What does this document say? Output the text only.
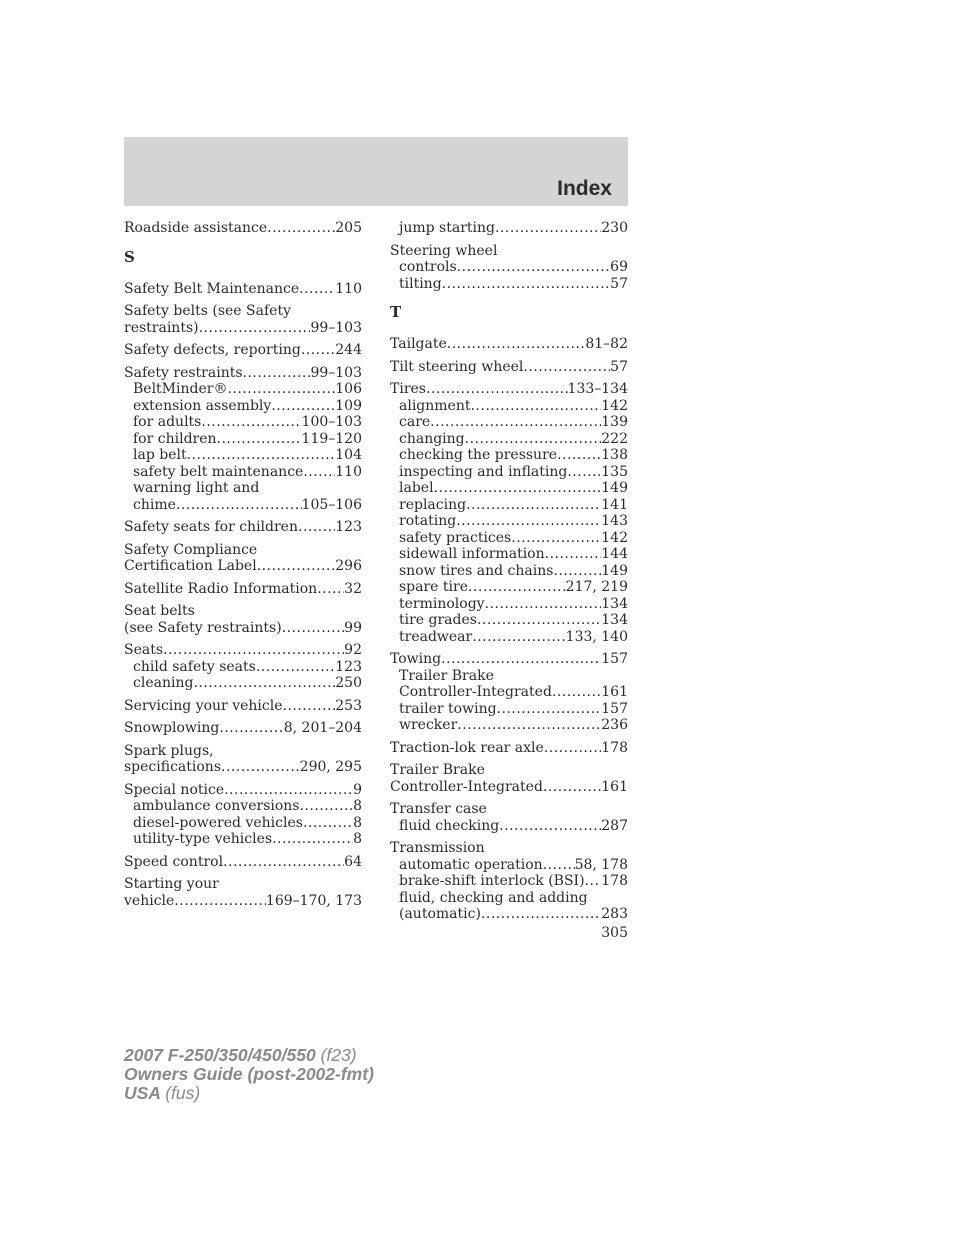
Index
Roadside assistance .....	205
S
Safety Belt Maintenance .....	110
Safety belts (see Safety
restraints) .....	99–103
Safety defects, reporting ..... 244
Safety restraints .....	99–103
BeltMinder® .....	106
extension assembly .....	109
for adults .....	100–103
for children .....	119–120
lap belt .....	104
safety belt maintenance ..... 110
warning light and
chime .....	105–106
Safety seats for children .....	123
Safety Compliance
Certification Label .....	296
Satellite Radio Information ..... 32
Seat belts
(see Safety restraints) .....	99
Seats .....	92
child safety seats .....	123
cleaning .....	250
Servicing your vehicle .....	253
Snowplowing .....	8, 201–204
Spark plugs,
specifications .....	290, 295
Special notice .....	9
ambulance conversions .....	8
diesel-powered vehicles .....	8
utility-type vehicles .....	8
Speed control .....	64
Starting your
vehicle .....	169–170, 173
jump starting .....	230
Steering wheel
controls .....	69
tilting .....	57
T
Tailgate .....	81–82
Tilt steering wheel .....	57
Tires .....	133–134
alignment .....	142
care .....	139
changing .....	222
checking the pressure .....	138
inspecting and inflating ..... 135
label .....	149
replacing .....	141
rotating .....	143
safety practices .....	142
sidewall information .....	144
snow tires and chains .....	149
spare tire .....	217, 219
terminology .....	134
tire grades .....	134
treadwear .....	133, 140
Towing .....	157
Trailer Brake
Controller-Integrated .....	161
trailer towing .....	157
wrecker .....	236
Traction-lok rear axle .....	178
Trailer Brake
Controller-Integrated .....	161
Transfer case
fluid checking .....	287
Transmission
automatic operation ..... 58, 178
brake-shift interlock (BSI) ..... 178
fluid, checking and adding
(automatic) .....	283
305
2007 F-250/350/450/550 (f23)
Owners Guide (post-2002-fmt)
USA (fus)
